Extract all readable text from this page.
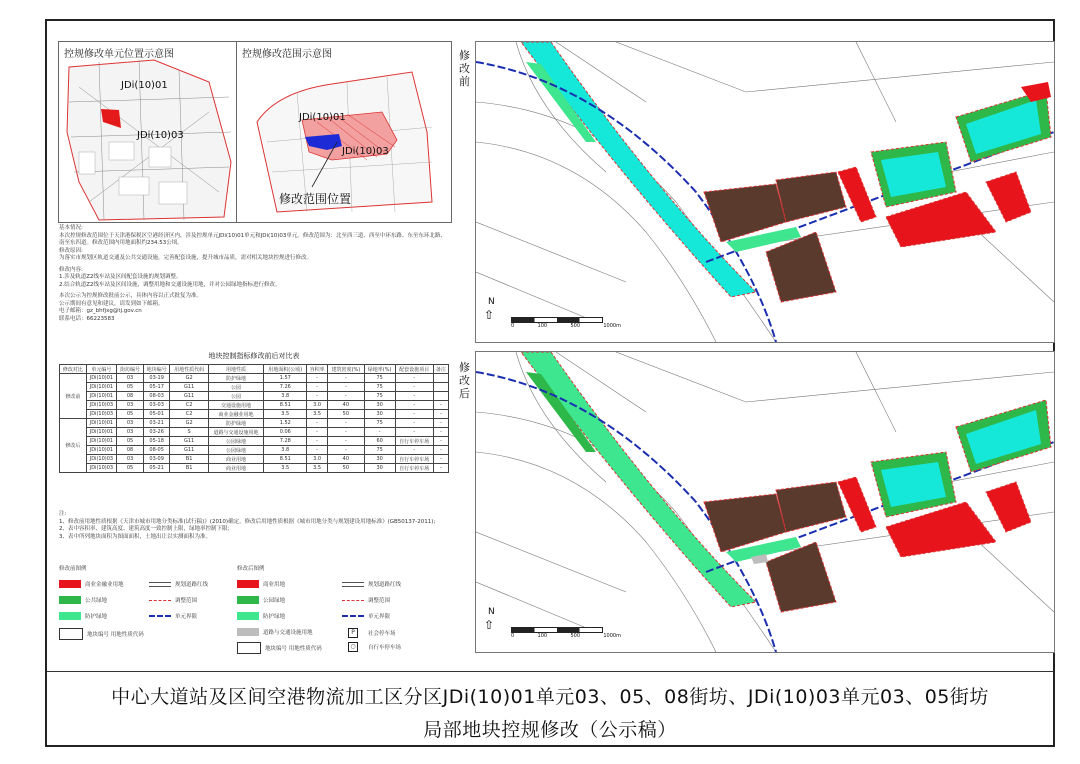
控规修改单元位置示意图
JDi(10)01
JDi(10)03
控规修改范围示意图
JDi(10)01
JDi(10)03
修改范围位置
基本情况:
本次控规修改范围位于天津港保税区空港经济区内，涉及控规单元JDi(10)01单元和JDi(10)03单元。修改范围为：北至西三道、西至中环东路、东至东环北路、南至东四道。修改范围内用地面积约234.53公顷。
修改原因:
为落实市规划区轨道交通及公共交通设施，完善配套设施，提升城市品质，需对相关地块控规进行修改。
修改内容:
1.涉及轨道Z2线车站及区间配套设施的规划调整。
2.结合轨道Z2线车站及区间设施，调整用地和交通设施用地，并对公园绿地指标进行修改。
本次公示为控规修改批前公示，具体内容以正式批复为准。
公示期间有意见和建议，请发到如下邮箱。
电子邮箱：gz_bhfjxg@tj.gov.cn
联系电话：66223583
地块控制指标修改前后对比表
修改对比	单元编号	街坊编号	地块编号	用地性质代码	用地性质	用地面积(公顷)	容积率	建筑密度(%)	绿地率(%)	配套设施项目	备注
修改前	JDi(10)01	03	03-19	G2	防护绿地	1.57	-	-	75	-	
	JDi(10)01	05	05-17	G11	公园	7.26	-	-	75	-	
	JDi(10)01	08	08-03	G11	公园	3.8	-	-	75	-	
	JDi(10)03	03	03-03	C2	交通设施用地	8.51	3.0	40	30	-	-
	JDi(10)03	05	05-01	C2	商业金融业用地	3.5	3.5	50	30	-	-
修改后	JDi(10)01	03	03-21	G2	防护绿地	1.52	-	-	75	-	-
	JDi(10)01	03	03-26	S	道路与交通设施用地	0.06	-	-	-	-	-
	JDi(10)01	05	05-18	G11	公园绿地	7.28	-	-	60	自行车停车场	-
	JDi(10)01	08	08-05	G11	公园绿地	3.8	-	-	75	-	-
	JDi(10)03	03	03-09	B1	商业用地	8.51	3.0	40	30	自行车停车场	-
	JDi(10)03	05	05-21	B1	商业用地	3.5	3.5	50	30	自行车停车场	-
注:
1、修改前用地性质根据《天津市城市用地分类标准(试行稿)》(2010)确定，修改后用地性质根据《城市用地分类与规划建设用地标准》(GB50137-2011)；
2、表中容积率、建筑高度、建筑高度一致控制上限，绿地率控制下限；
3、表中所列地块面积为图面面积，土地出让以实测面积为准。
修改前图例
商业金融业用地
公共绿地
防护绿地
地块编号 用地性质代码
规划道路红线
调整范围
单元界限
修改后图例
商业用地
公园绿地
防护绿地
道路与交通设施用地
地块编号 用地性质代码
规划道路红线
调整范围
单元界限
P	社会停车场
○	自行车停车场
修改前
修改后
N
⇧
0	100	500	1000m
N
⇧
0	100	500	1000m
中心大道站及区间空港物流加工区分区JDi(10)01单元03、05、08街坊、JDi(10)03单元03、05街坊
局部地块控规修改（公示稿）
